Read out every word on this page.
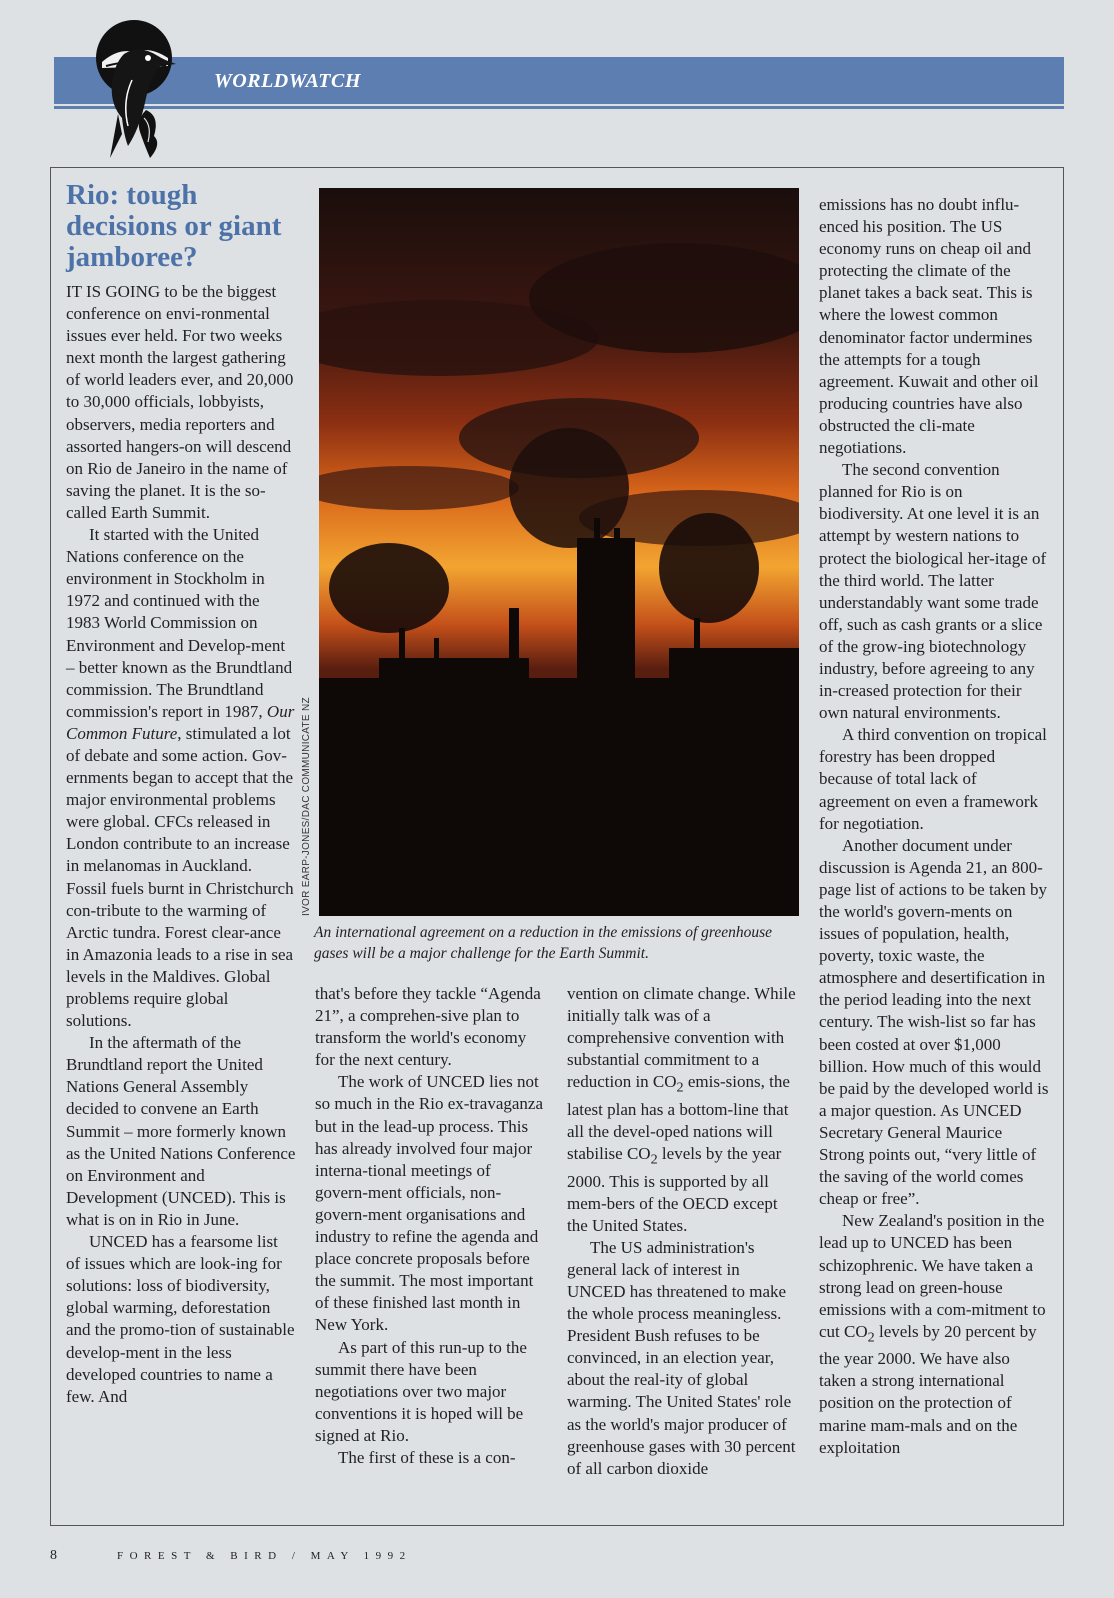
WORLDWATCH
Rio: tough decisions or giant jamboree?

IT IS GOING to be the biggest conference on envi-ronmental issues ever held. For two weeks next month the largest gathering of world leaders ever, and 20,000 to 30,000 officials, lobbyists, observers, media reporters and assorted hangers-on will descend on Rio de Janeiro in the name of saving the planet. It is the so-called Earth Summit.

It started with the United Nations conference on the environment in Stockholm in 1972 and continued with the 1983 World Commission on Environment and Develop-ment – better known as the Brundtland commission. The Brundtland commission's report in 1987, Our Common Future, stimulated a lot of debate and some action. Gov-ernments began to accept that the major environmental problems were global. CFCs released in London contribute to an increase in melanomas in Auckland. Fossil fuels burnt in Christchurch con-tribute to the warming of Arctic tundra. Forest clear-ance in Amazonia leads to a rise in sea levels in the Maldives. Global problems require global solutions.

In the aftermath of the Brundtland report the United Nations General Assembly decided to convene an Earth Summit – more formerly known as the United Nations Conference on Environment and Development (UNCED). This is what is on in Rio in June.

UNCED has a fearsome list of issues which are look-ing for solutions: loss of biodiversity, global warming, deforestation and the promo-tion of sustainable develop-ment in the less developed countries to name a few. And

IVOR EARP-JONES/DAC COMMUNICATE NZ
An international agreement on a reduction in the emissions of greenhouse gases will be a major challenge for the Earth Summit.

that's before they tackle “Agenda 21”, a comprehen-sive plan to transform the world's economy for the next century.

The work of UNCED lies not so much in the Rio ex-travaganza but in the lead-up process. This has already involved four major interna-tional meetings of govern-ment officials, non-govern-ment organisations and industry to refine the agenda and place concrete proposals before the summit. The most important of these finished last month in New York.

As part of this run-up to the summit there have been negotiations over two major conventions it is hoped will be signed at Rio.

The first of these is a con-

vention on climate change. While initially talk was of a comprehensive convention with substantial commitment to a reduction in $CO_2$ emis-sions, the latest plan has a bottom-line that all the devel-oped nations will stabilise $CO_2$ levels by the year 2000. This is supported by all mem-bers of the OECD except the United States.

The US administration's general lack of interest in UNCED has threatened to make the whole process meaningless. President Bush refuses to be convinced, in an election year, about the real-ity of global warming. The United States' role as the world's major producer of greenhouse gases with 30 percent of all carbon dioxide

emissions has no doubt influ-enced his position. The US economy runs on cheap oil and protecting the climate of the planet takes a back seat. This is where the lowest common denominator factor undermines the attempts for a tough agreement. Kuwait and other oil producing countries have also obstructed the cli-mate negotiations.

The second convention planned for Rio is on biodiversity. At one level it is an attempt by western nations to protect the biological her-itage of the third world. The latter understandably want some trade off, such as cash grants or a slice of the grow-ing biotechnology industry, before agreeing to any in-creased protection for their own natural environments.

A third convention on tropical forestry has been dropped because of total lack of agreement on even a framework for negotiation.

Another document under discussion is Agenda 21, an 800-page list of actions to be taken by the world's govern-ments on issues of population, health, poverty, toxic waste, the atmosphere and desertification in the period leading into the next century. The wish-list so far has been costed at over $1,000 billion. How much of this would be paid by the developed world is a major question. As UNCED Secretary General Maurice Strong points out, “very little of the saving of the world comes cheap or free”.

New Zealand's position in the lead up to UNCED has been schizophrenic. We have taken a strong lead on green-house emissions with a com-mitment to cut $CO_2$ levels by 20 percent by the year 2000. We have also taken a strong international position on the protection of marine mam-mals and on the exploitation

8	FOREST & BIRD / MAY 1992
